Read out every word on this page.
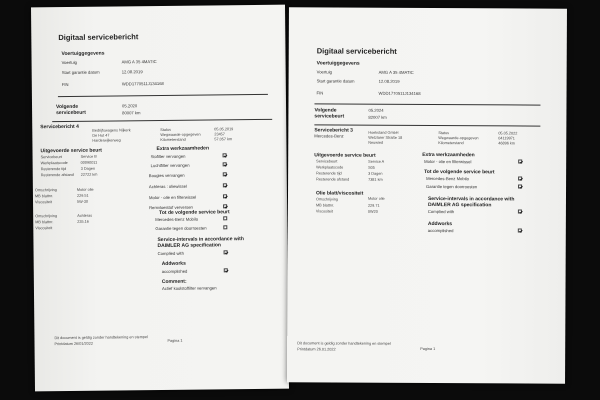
Digitaal servicebericht
Voertuiggegevens
Voertuig	AMG A 35 4MATIC
Start garantie datum	12.08.2019
FIN	WDD1770511J134168
Volgende
servicebeurt
05.2020
80007 km
Servicebericht 4
Bedrijfswagens Nijkerk
De Hut 47
Harderwijkerweg
Status	05.05.2019
Wegwaarde-opgegeven	23457
Kilometerstand	57.057 km
Uitgevoerde service beurt
Servicebeurt	Service B
Werkplaatscode	00090011
Resterende tijd	3 Dagen
Resterende afstand 22722 km
Extra werkzaamheden
Stofilter vervangen
Luchtfilter vervangen
Bougies vervangen
Achteras : oliewissel
Motor - olie en filterwissel
Remvloeistof verversen
Omschrijving	Motor olie
MB blattnr.	229.51
Viscositeit	5W-30
Omschrijving	Achteras
MB blattnr.	235.16
Viscositeit
Tot de volgende service beurt
Mercedes-Benz Mobilo
Garantie tegen doorroesten
Service-intervals in accordance with
DAIMLER AG specification
Complied with
Addworks
accomplished
Comment:
Actief koolstoffilter vervangen
Dit document is geldig zonder handtekening en stempel
Printdatum 26/01/2022
Pagina 1
Digitaal servicebericht
Voertuiggegevens
Voertuig	AMG A 35 4MATIC
Start garantie datum	12.08.2019
FIN	WDD1770511J134168
Volgende
servicebeurt
05.2024
82007 km
Servicebericht 3
Mercedes-Benz
Hoekstand GmbH
Wetzlarer Straße 18
Neuwied
Status	05.05.2022
Wegwaarde-opgegeven	04119971
Kilometerstand	46896 km
Uitgevoerde service beurt
Servicebeurt	Service A
Werkplaatscode	S05
Resterende tijd	3 Dagen
Resterende afstand	7381 km
Extra werkzaamheden
Motor - olie en filterwissel
Tot de volgende service beurt
Mercedes-Benz Mobilo
Garantie tegen doorroesten
Olie blatt/viscositeit
Omschrijving	Motor olie
MB blattnr.	229.71
Viscositeit	0W20
Service-intervals in accordance with
DAIMLER AG specification
Complied with
Addworks
accomplished
Dit document is geldig zonder handtekening en stempel
Printdatum 26.01.2022	Pagina 1
